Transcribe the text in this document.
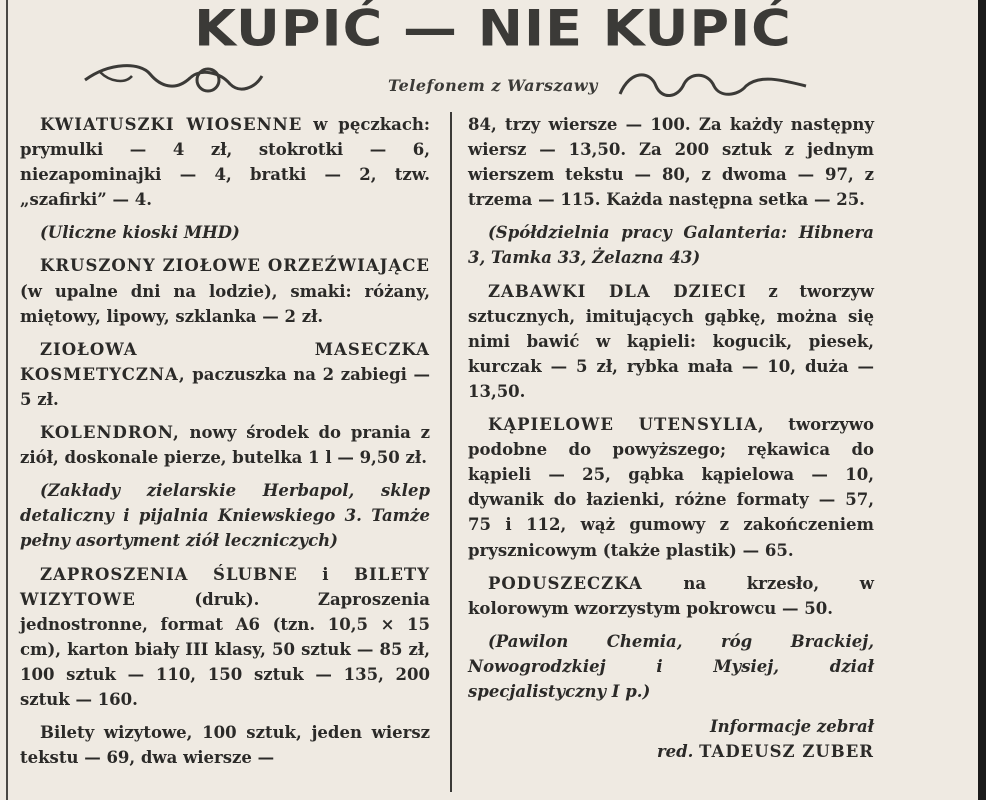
KUPIĆ — NIE KUPIĆ
Telefonem z Warszawy

KWIATUSZKI WIOSENNE w pęczkach: prymulki — 4 zł, stokrotki — 6, niezapominajki — 4, bratki — 2, tzw. „szafirki” — 4.

(Uliczne kioski MHD)

KRUSZONY ZIOŁOWE ORZEŹWIAJĄCE (w upalne dni na lodzie), smaki: różany, miętowy, lipowy, szklanka — 2 zł.

ZIOŁOWA MASECZKA KOSMETYCZNA, paczuszka na 2 zabiegi — 5 zł.

KOLENDRON, nowy środek do prania z ziół, doskonale pierze, butelka 1 l — 9,50 zł.

(Zakłady zielarskie Herbapol, sklep detaliczny i pijalnia Kniewskiego 3. Tamże pełny asortyment ziół leczniczych)

ZAPROSZENIA ŚLUBNE i BILETY WIZYTOWE (druk). Zaproszenia jednostronne, format A6 (tzn. 10,5 × 15 cm), karton biały III klasy, 50 sztuk — 85 zł, 100 sztuk — 110, 150 sztuk — 135, 200 sztuk — 160.

Bilety wizytowe, 100 sztuk, jeden wiersz tekstu — 69, dwa wiersze —

84, trzy wiersze — 100. Za każdy następny wiersz — 13,50. Za 200 sztuk z jednym wierszem tekstu — 80, z dwoma — 97, z trzema — 115. Każda następna setka — 25.

(Spółdzielnia pracy Galanteria: Hibnera 3, Tamka 33, Żelazna 43)

ZABAWKI DLA DZIECI z tworzyw sztucznych, imitujących gąbkę, można się nimi bawić w kąpieli: kogucik, piesek, kurczak — 5 zł, rybka mała — 10, duża — 13,50.

KĄPIELOWE UTENSYLIA, tworzywo podobne do powyższego; rękawica do kąpieli — 25, gąbka kąpielowa — 10, dywanik do łazienki, różne formaty — 57, 75 i 112, wąż gumowy z zakończeniem prysznicowym (także plastik) — 65.

PODUSZECZKA na krzesło, w kolorowym wzorzystym pokrowcu — 50.

(Pawilon Chemia, róg Brackiej, Nowogrodzkiej i Mysiej, dział specjalistyczny I p.)

Informacje zebrał
red. TADEUSZ ZUBER
